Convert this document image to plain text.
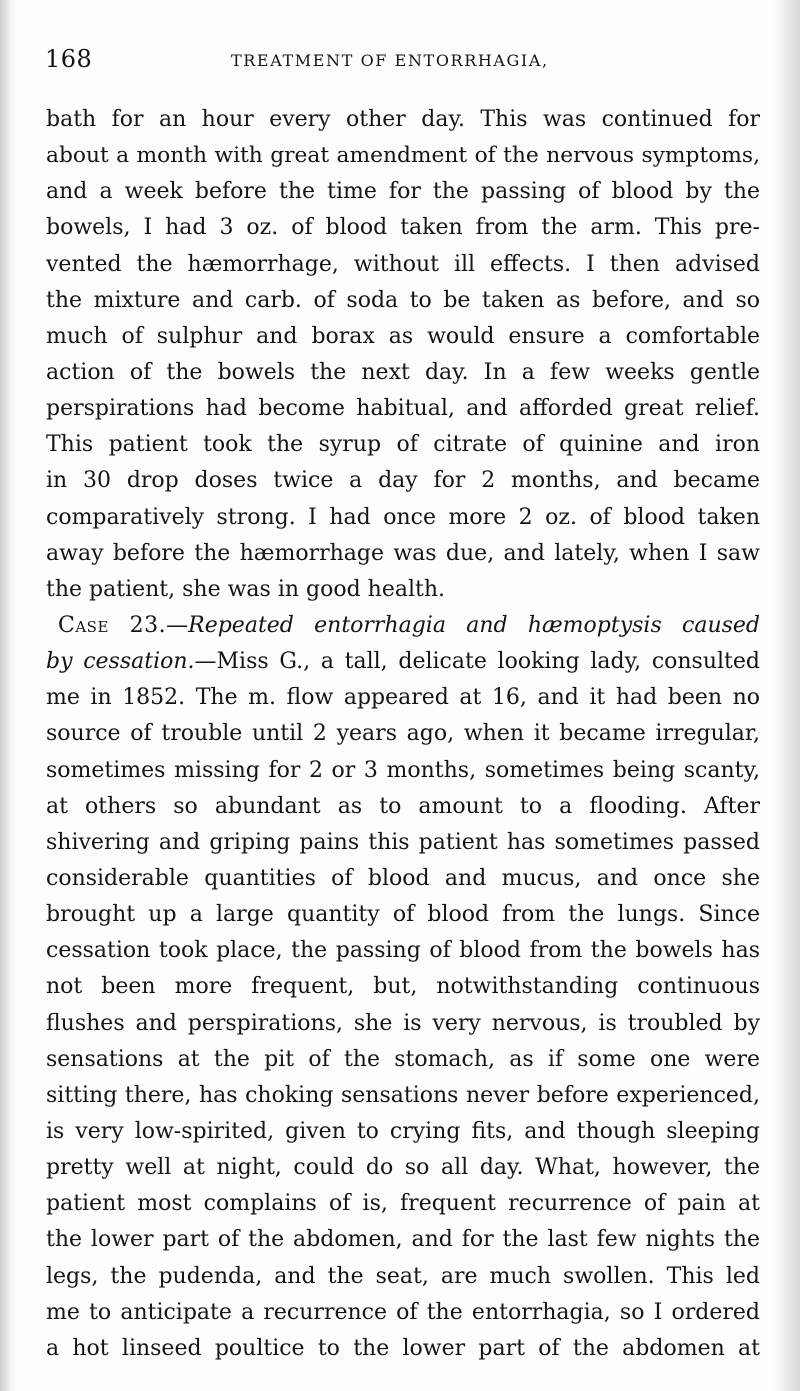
168	TREATMENT OF ENTORRHAGIA,
bath for an hour every other day. This was continued for
about a month with great amendment of the nervous symptoms,
and a week before the time for the passing of blood by the
bowels, I had 3 oz. of blood taken from the arm. This pre-
vented the hæmorrhage, without ill effects. I then advised
the mixture and carb. of soda to be taken as before, and so
much of sulphur and borax as would ensure a comfortable
action of the bowels the next day. In a few weeks gentle
perspirations had become habitual, and afforded great relief.
This patient took the syrup of citrate of quinine and iron
in 30 drop doses twice a day for 2 months, and became
comparatively strong. I had once more 2 oz. of blood taken
away before the hæmorrhage was due, and lately, when I saw
the patient, she was in good health.
Case 23.—Repeated entorrhagia and hæmoptysis caused
by cessation.—Miss G., a tall, delicate looking lady, consulted
me in 1852. The m. flow appeared at 16, and it had been no
source of trouble until 2 years ago, when it became irregular,
sometimes missing for 2 or 3 months, sometimes being scanty,
at others so abundant as to amount to a flooding. After
shivering and griping pains this patient has sometimes passed
considerable quantities of blood and mucus, and once she
brought up a large quantity of blood from the lungs. Since
cessation took place, the passing of blood from the bowels has
not been more frequent, but, notwithstanding continuous
flushes and perspirations, she is very nervous, is troubled by
sensations at the pit of the stomach, as if some one were
sitting there, has choking sensations never before experienced,
is very low-spirited, given to crying fits, and though sleeping
pretty well at night, could do so all day. What, however, the
patient most complains of is, frequent recurrence of pain at
the lower part of the abdomen, and for the last few nights the
legs, the pudenda, and the seat, are much swollen. This led
me to anticipate a recurrence of the entorrhagia, so I ordered
a hot linseed poultice to the lower part of the abdomen at
